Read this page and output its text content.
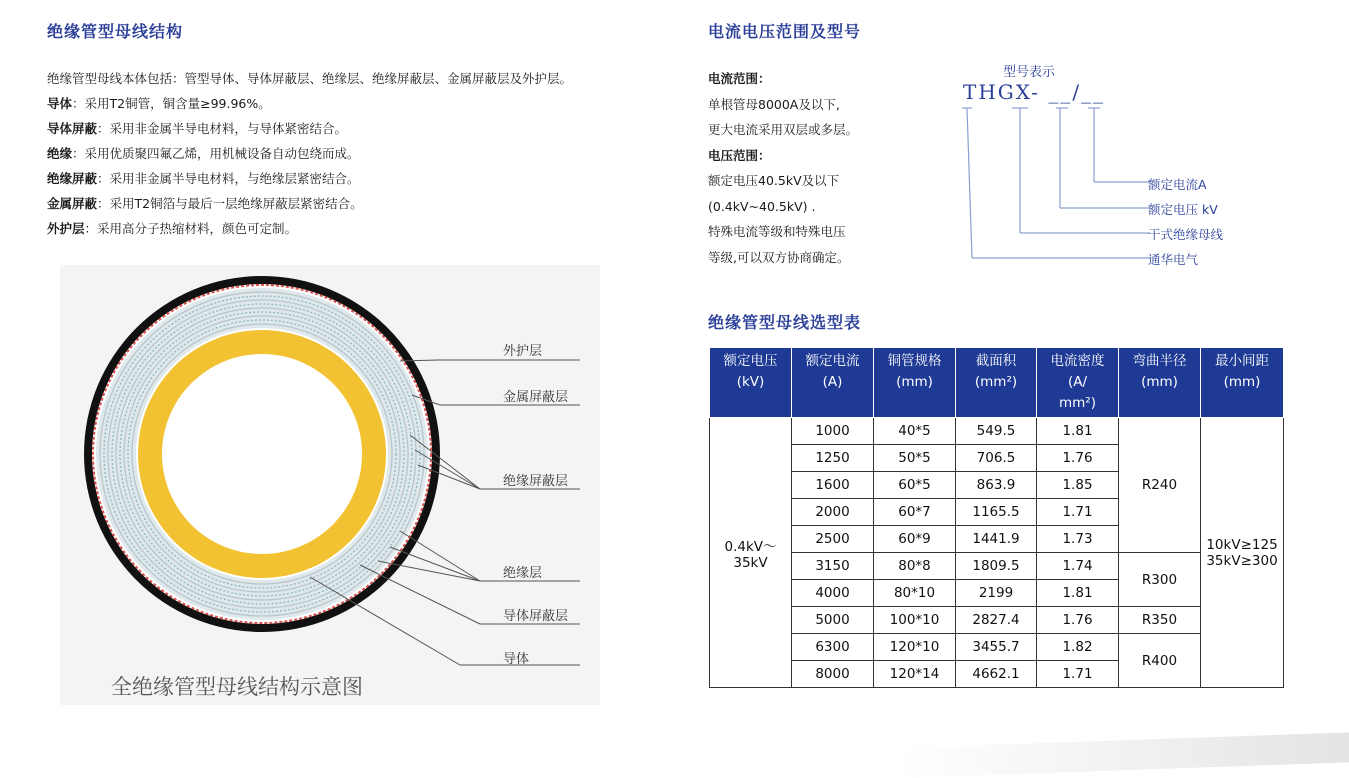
绝缘管型母线结构

绝缘管型母线本体包括：管型导体、导体屏蔽层、绝缘层、绝缘屏蔽层、金属屏蔽层及外护层。

导体：采用T2铜管，铜含量≥99.96%。

导体屏蔽：采用非金属半导电材料，与导体紧密结合。

绝缘：采用优质聚四氟乙烯，用机械设备自动包绕而成。

绝缘屏蔽：采用非金属半导电材料，与绝缘层紧密结合。

金属屏蔽：采用T2铜箔与最后一层绝缘屏蔽层紧密结合。

外护层：采用高分子热缩材料，颜色可定制。

外护层
金属屏蔽层
绝缘屏蔽层
绝缘层
导体屏蔽层
导体
全绝缘管型母线结构示意图
电流电压范围及型号

电流范围：

单根管母8000A及以下,

更大电流采用双层或多层。

电压范围：

额定电压40.5kV及以下

(0.4kV~40.5kV) .

特殊电流等级和特殊电压

等级,可以双方协商确定。

型号表示
THGX- __/__
额定电流A
额定电压 kV
干式绝缘母线
通华电气
绝缘管型母线选型表
额定电压
(kV)	额定电流
(A)	铜管规格
(mm)	截面积
(mm²)	电流密度
(A/
mm²)	弯曲半径
(mm)	最小间距
(mm)
0.4kV～
35kV	1000	40*5	549.5	1.81	R240	10kV≥125
35kV≥300
	1250	50*5	706.5	1.76		
	1600	60*5	863.9	1.85		
	2000	60*7	1165.5	1.71		
	2500	60*9	1441.9	1.73		
	3150	80*8	1809.5	1.74	R300	
	4000	80*10	2199	1.81		
	5000	100*10	2827.4	1.76	R350	
	6300	120*10	3455.7	1.82	R400	
	8000	120*14	4662.1	1.71		
